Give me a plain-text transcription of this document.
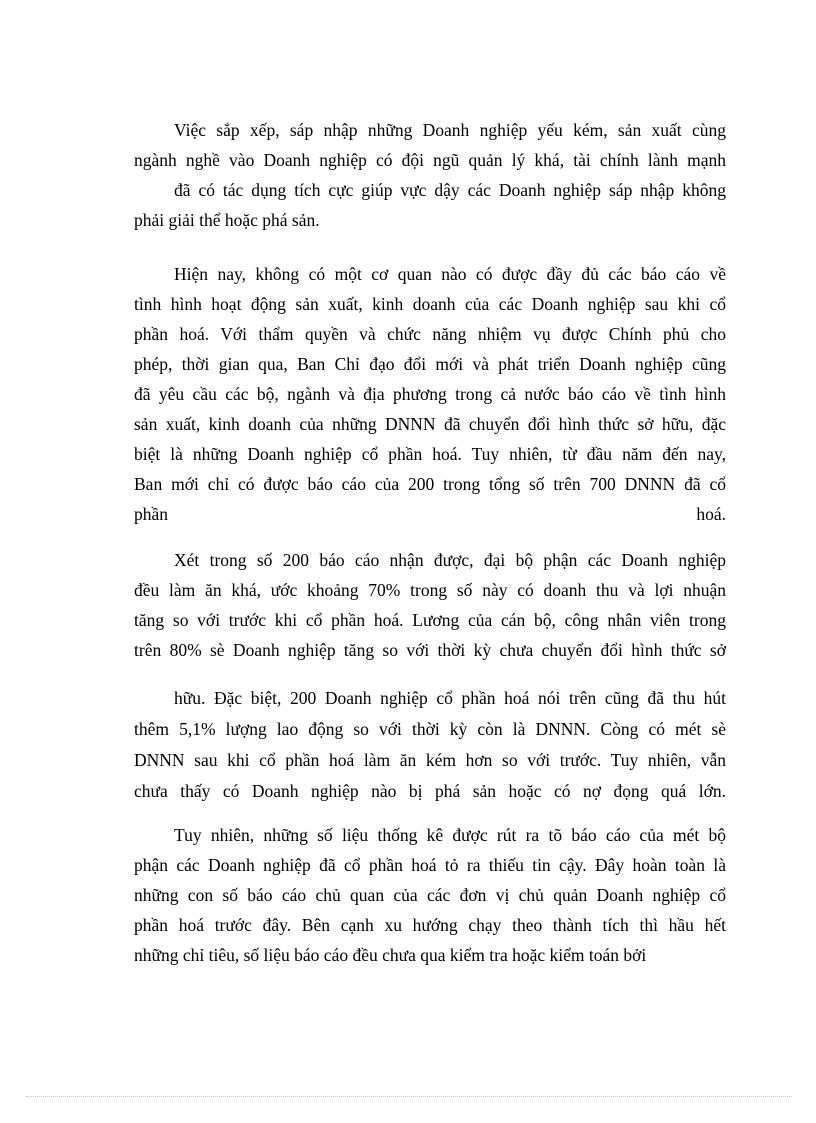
Việc sắp xếp, sáp nhập những Doanh nghiệp yếu kém, sản xuất cùng
ngành nghề vào Doanh nghiệp có đội ngũ quản lý khá, tài chính lành mạnh
đã có tác dụng tích cực giúp vực dậy các Doanh nghiệp sáp nhập không
phải giải thể hoặc phá sản.
Hiện nay, không có một cơ quan nào có được đầy đủ các báo cáo về
tình hình hoạt động sản xuất, kinh doanh của các Doanh nghiệp sau khi cổ
phần hoá. Với thẩm quyền và chức năng nhiệm vụ được Chính phủ cho
phép, thời gian qua, Ban Chỉ đạo đổi mới và phát triển Doanh nghiệp cũng
đã yêu cầu các bộ, ngành và địa phương trong cả nước báo cáo về tình hình
sản xuất, kinh doanh của những DNNN đã chuyển đổi hình thức sở hữu, đặc
biệt là những Doanh nghiệp cổ phần hoá. Tuy nhiên, từ đầu năm đến nay,
Ban mới chỉ có được báo cáo của 200 trong tổng số trên 700 DNNN đã cổ
phần	hoá.
Xét trong số 200 báo cáo nhận được, đại bộ phận các Doanh nghiệp
đều làm ăn khá, ước khoảng 70% trong số này có doanh thu và lợi nhuận
tăng so với trước khi cổ phần hoá. Lương của cán bộ, công nhân viên trong
trên 80% sè Doanh nghiệp tăng so với thời kỳ chưa chuyển đổi hình thức sở
hữu. Đặc biệt, 200 Doanh nghiệp cổ phần hoá nói trên cũng đã thu hút
thêm 5,1% lượng lao động so với thời kỳ còn là DNNN. Còng có mét sè
DNNN sau khi cổ phần hoá làm ăn kém hơn so với trước. Tuy nhiên, vẫn
chưa thấy có Doanh nghiệp nào bị phá sản hoặc có nợ đọng quá lớn.
Tuy nhiên, những số liệu thống kê được rút ra tõ báo cáo của mét bộ
phận các Doanh nghiệp đã cổ phần hoá tỏ ra thiếu tin cậy. Đây hoàn toàn là
những con số báo cáo chủ quan của các đơn vị chủ quản Doanh nghiệp cổ
phần hoá trước đây. Bên cạnh xu hướng chạy theo thành tích thì hầu hết
những chỉ tiêu, số liệu báo cáo đều chưa qua kiểm tra hoặc kiểm toán bởi
